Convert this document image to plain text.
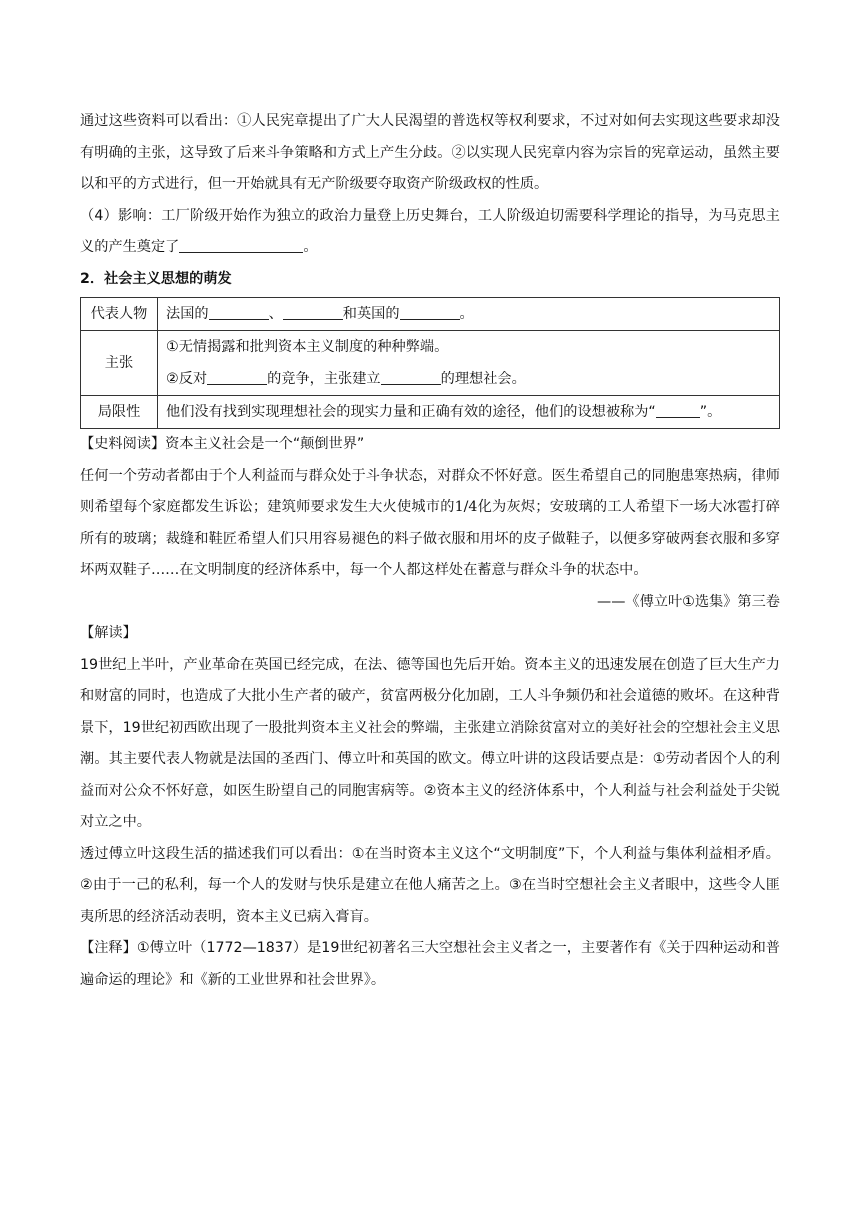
通过这些资料可以看出：①人民宪章提出了广大人民渴望的普选权等权利要求，不过对如何去实现这些要求却没有明确的主张，这导致了后来斗争策略和方式上产生分歧。②以实现人民宪章内容为宗旨的宪章运动，虽然主要以和平的方式进行，但一开始就具有无产阶级要夺取资产阶级政权的性质。

（4）影响：工厂阶级开始作为独立的政治力量登上历史舞台，工人阶级迫切需要科学理论的指导，为马克思主义的产生奠定了	。

2．社会主义思想的萌发

代表人物	法国的 、 和英国的 。
主张	①无情揭露和批判资本主义制度的种种弊端。
②反对 的竞争，主张建立 的理想社会。

局限性	他们没有找到实现理想社会的现实力量和正确有效的途径，他们的设想被称为“ ”。

【史料阅读】资本主义社会是一个“颠倒世界”

任何一个劳动者都由于个人利益而与群众处于斗争状态，对群众不怀好意。医生希望自己的同胞患寒热病，律师则希望每个家庭都发生诉讼；建筑师要求发生大火使城市的1/4化为灰烬；安玻璃的工人希望下一场大冰雹打碎所有的玻璃；裁缝和鞋匠希望人们只用容易褪色的料子做衣服和用坏的皮子做鞋子，以便多穿破两套衣服和多穿坏两双鞋子……在文明制度的经济体系中，每一个人都这样处在蓄意与群众斗争的状态中。

——《傅立叶①选集》第三卷

【解读】

19世纪上半叶，产业革命在英国已经完成，在法、德等国也先后开始。资本主义的迅速发展在创造了巨大生产力和财富的同时，也造成了大批小生产者的破产，贫富两极分化加剧，工人斗争频仍和社会道德的败坏。在这种背景下，19世纪初西欧出现了一股批判资本主义社会的弊端，主张建立消除贫富对立的美好社会的空想社会主义思潮。其主要代表人物就是法国的圣西门、傅立叶和英国的欧文。傅立叶讲的这段话要点是：①劳动者因个人的利益而对公众不怀好意，如医生盼望自己的同胞害病等。②资本主义的经济体系中，个人利益与社会利益处于尖锐对立之中。

透过傅立叶这段生活的描述我们可以看出：①在当时资本主义这个“文明制度”下，个人利益与集体利益相矛盾。②由于一己的私利，每一个人的发财与快乐是建立在他人痛苦之上。③在当时空想社会主义者眼中，这些令人匪夷所思的经济活动表明，资本主义已病入膏肓。

【注释】①傅立叶（1772—1837）是19世纪初著名三大空想社会主义者之一，主要著作有《关于四种运动和普遍命运的理论》和《新的工业世界和社会世界》。
